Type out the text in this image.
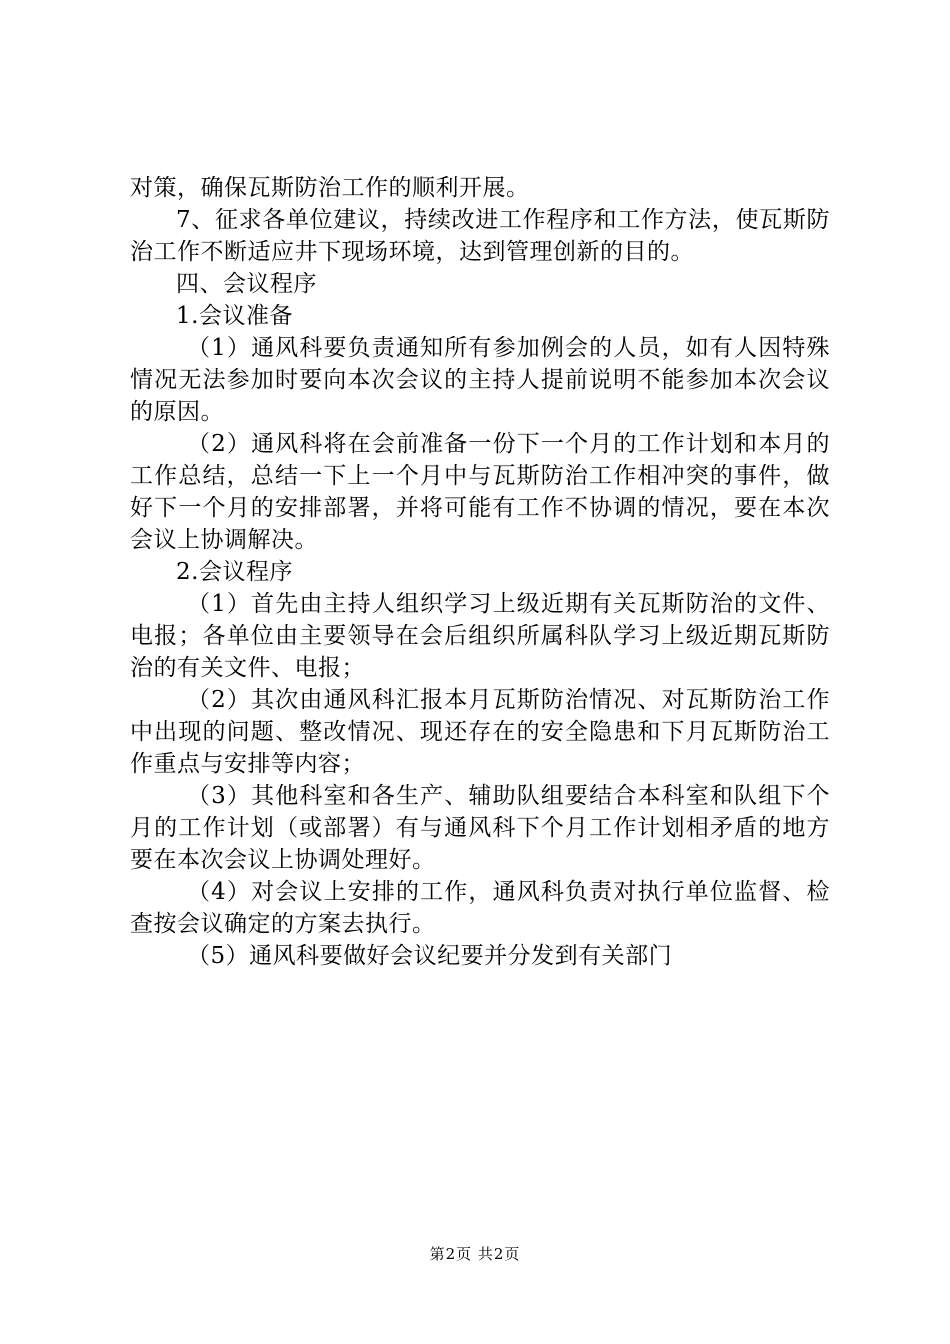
对策，确保瓦斯防治工作的顺利开展。

7、征求各单位建议，持续改进工作程序和工作方法，使瓦斯防治工作不断适应井下现场环境，达到管理创新的目的。

四、会议程序

1.会议准备

（1）通风科要负责通知所有参加例会的人员，如有人因特殊情况无法参加时要向本次会议的主持人提前说明不能参加本次会议的原因。

（2）通风科将在会前准备一份下一个月的工作计划和本月的工作总结，总结一下上一个月中与瓦斯防治工作相冲突的事件，做好下一个月的安排部署，并将可能有工作不协调的情况，要在本次会议上协调解决。

2.会议程序

（1）首先由主持人组织学习上级近期有关瓦斯防治的文件、电报；各单位由主要领导在会后组织所属科队学习上级近期瓦斯防治的有关文件、电报；

（2）其次由通风科汇报本月瓦斯防治情况、对瓦斯防治工作中出现的问题、整改情况、现还存在的安全隐患和下月瓦斯防治工作重点与安排等内容；

（3）其他科室和各生产、辅助队组要结合本科室和队组下个月的工作计划（或部署）有与通风科下个月工作计划相矛盾的地方要在本次会议上协调处理好。

（4）对会议上安排的工作，通风科负责对执行单位监督、检查按会议确定的方案去执行。

（5）通风科要做好会议纪要并分发到有关部门

第2页 共2页
